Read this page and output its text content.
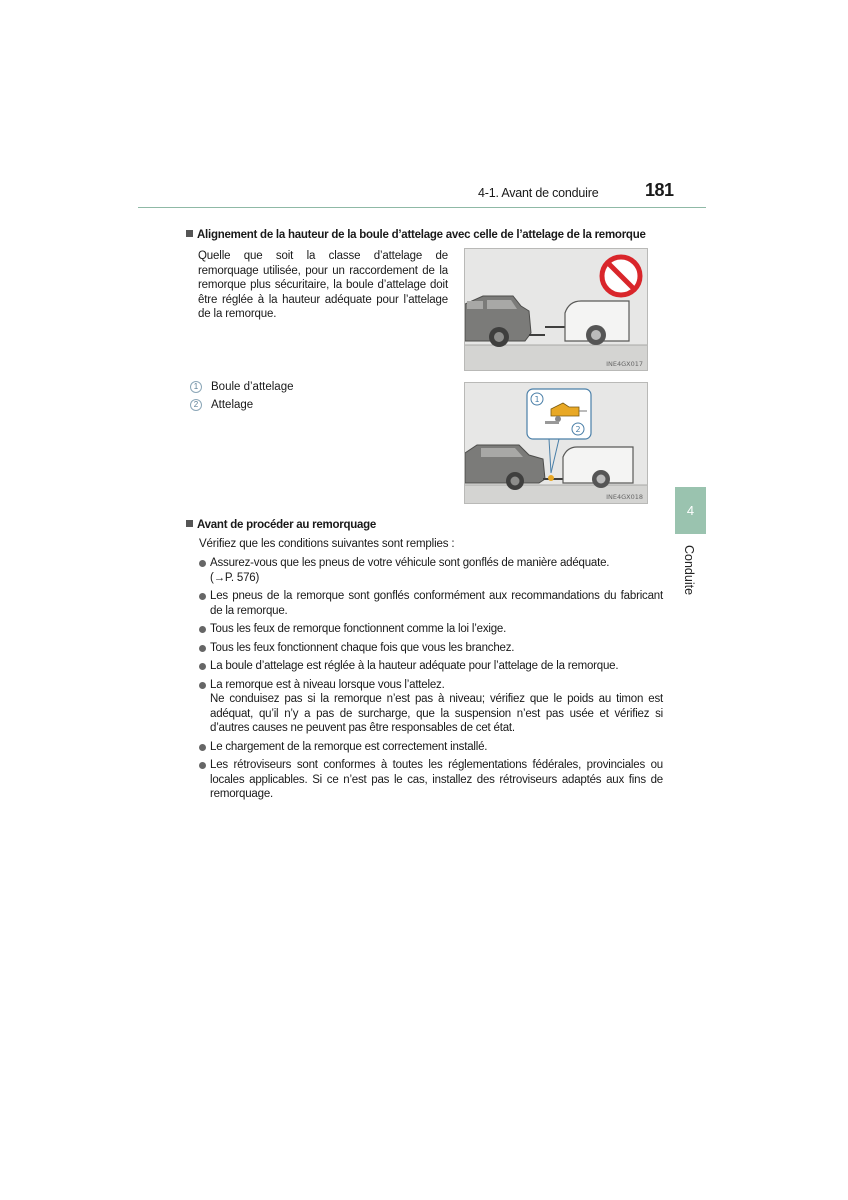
4-1. Avant de conduire	181
4
Conduite
Alignement de la hauteur de la boule d’attelage avec celle de l’attelage de la remorque
Quelle que soit la classe d’attelage de remorquage utilisée, pour un raccordement de la remorque plus sécuritaire, la boule d’attelage doit être réglée à la hauteur adéquate pour l’attelage de la remorque.
INE4GX017
1	Boule d’attelage
2	Attelage	1
2
INE4GX018
Avant de procéder au remorquage
Vérifiez que les conditions suivantes sont remplies :
Assurez-vous que les pneus de votre véhicule sont gonflés de manière adéquate.
(→P. 576)
Les pneus de la remorque sont gonflés conformément aux recommandations du fabricant de la remorque.
Tous les feux de remorque fonctionnent comme la loi l’exige.
Tous les feux fonctionnent chaque fois que vous les branchez.
La boule d’attelage est réglée à la hauteur adéquate pour l’attelage de la remorque.
La remorque est à niveau lorsque vous l’attelez.
Ne conduisez pas si la remorque n’est pas à niveau; vérifiez que le poids au timon est adéquat, qu’il n’y a pas de surcharge, que la suspension n’est pas usée et vérifiez si d’autres causes ne peuvent pas être responsables de cet état.
Le chargement de la remorque est correctement installé.
Les rétroviseurs sont conformes à toutes les réglementations fédérales, provinciales ou locales applicables. Si ce n’est pas le cas, installez des rétroviseurs adaptés aux fins de remorquage.
